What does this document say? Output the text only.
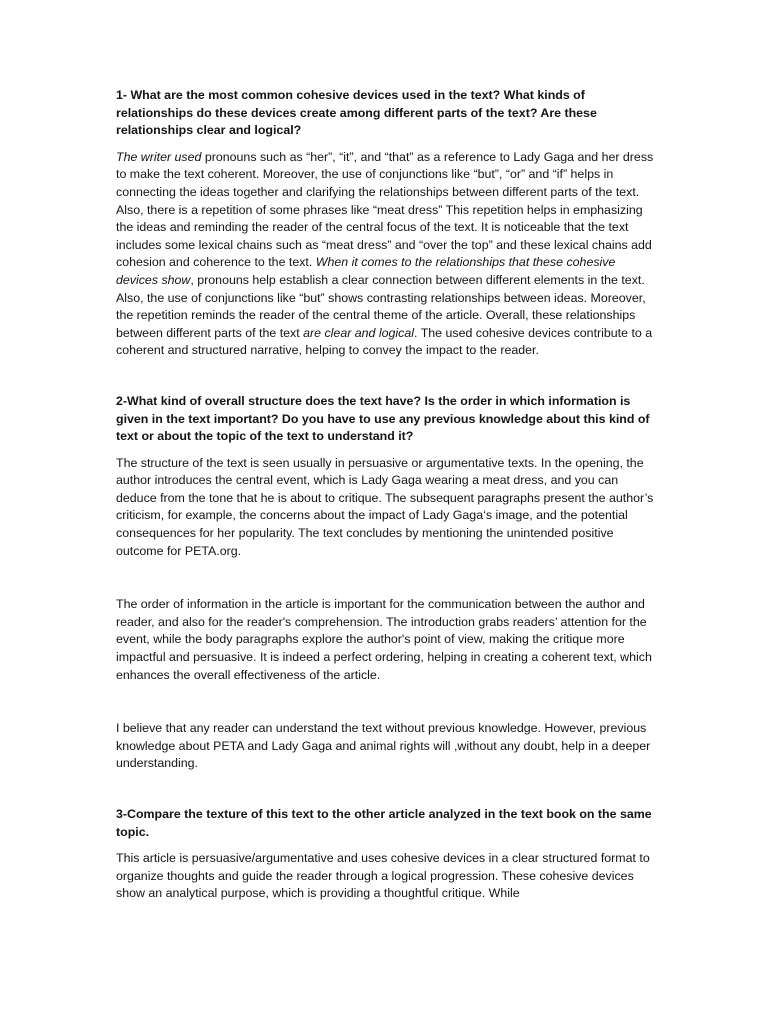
1- What are the most common cohesive devices used in the text? What kinds of relationships do these devices create among different parts of the text? Are these relationships clear and logical?

The writer used pronouns such as “her”, “it”, and “that” as a reference to Lady Gaga and her dress to make the text coherent. Moreover, the use of conjunctions like “but”, “or” and “if” helps in connecting the ideas together and clarifying the relationships between different parts of the text. Also, there is a repetition of some phrases like “meat dress” This repetition helps in emphasizing the ideas and reminding the reader of the central focus of the text. It is noticeable that the text includes some lexical chains such as “meat dress” and “over the top” and these lexical chains add cohesion and coherence to the text. When it comes to the relationships that these cohesive devices show, pronouns help establish a clear connection between different elements in the text. Also, the use of conjunctions like “but” shows contrasting relationships between ideas. Moreover, the repetition reminds the reader of the central theme of the article. Overall, these relationships between different parts of the text are clear and logical. The used cohesive devices contribute to a coherent and structured narrative, helping to convey the impact to the reader.

2-What kind of overall structure does the text have? Is the order in which information is given in the text important? Do you have to use any previous knowledge about this kind of text or about the topic of the text to understand it?

The structure of the text is seen usually in persuasive or argumentative texts. In the opening, the author introduces the central event, which is Lady Gaga wearing a meat dress, and you can deduce from the tone that he is about to critique. The subsequent paragraphs present the author’s criticism, for example, the concerns about the impact of Lady Gaga‘s image, and the potential consequences for her popularity. The text concludes by mentioning the unintended positive outcome for PETA.org.

The order of information in the article is important for the communication between the author and reader, and also for the reader's comprehension. The introduction grabs readers’ attention for the event, while the body paragraphs explore the author's point of view, making the critique more impactful and persuasive. It is indeed a perfect ordering, helping in creating a coherent text, which enhances the overall effectiveness of the article.

I believe that any reader can understand the text without previous knowledge. However, previous knowledge about PETA and Lady Gaga and animal rights will ,without any doubt, help in a deeper understanding.

3-Compare the texture of this text to the other article analyzed in the text book on the same topic.

This article is persuasive/argumentative and uses cohesive devices in a clear structured format to organize thoughts and guide the reader through a logical progression. These cohesive devices show an analytical purpose, which is providing a thoughtful critique. While
